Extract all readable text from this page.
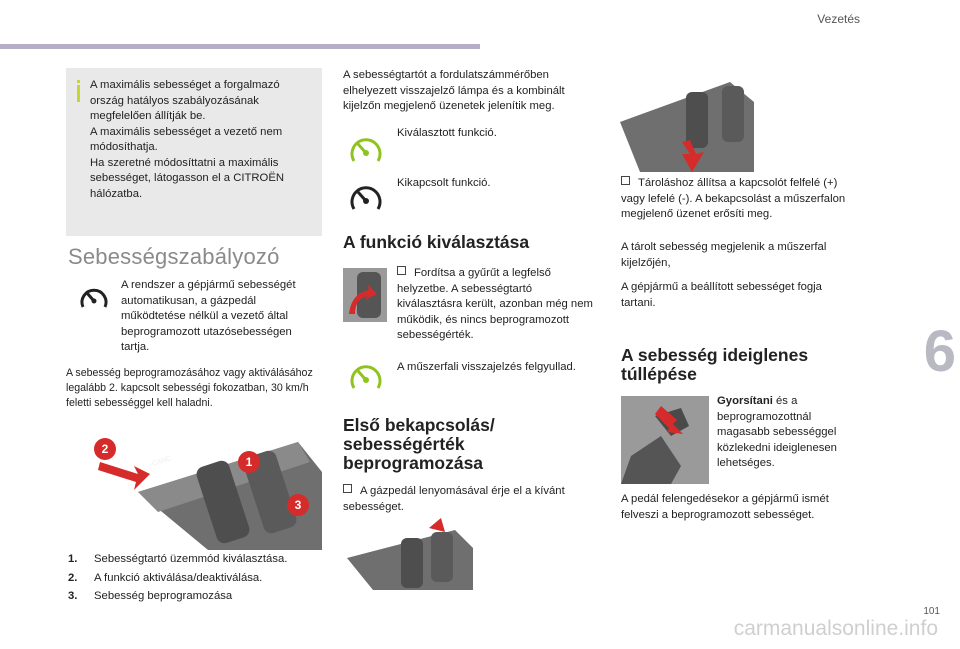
Vezetés
6
A maximális sebességet a forgalmazó ország hatályos szabályozásának megfelelően állítják be.
A maximális sebességet a vezető nem módosíthatja.
Ha szeretné módosíttatni a maximális sebességet, látogasson el a CITROËN hálózatba.
Sebességszabályozó
A rendszer a gépjármű sebességét automatikusan, a gázpedál működtetése nélkül a vezető által beprogramozott utazósebességen tartja.
A sebesség beprogramozásához vagy aktiválásához legalább 2. kapcsolt sebességi fokozatban, 30 km/h feletti sebességgel kell haladni.
CANC
2
1
3
1. Sebességtartó üzemmód kiválasztása.
2. A funkció aktiválása/deaktiválása.
3. Sebesség beprogramozása
A sebességtartót a fordulatszámmérőben elhelyezett visszajelző lámpa és a kombinált kijelzőn megjelenő üzenetek jelenítik meg.
Kiválasztott funkció.
Kikapcsolt funkció.
A funkció kiválasztása
Fordítsa a gyűrűt a legfelső helyzetbe. A sebességtartó kiválasztásra került, azonban még nem működik, és nincs beprogramozott sebességérték.
A műszerfali visszajelzés felgyullad.
Első bekapcsolás/ sebességérték beprogramozása
A gázpedál lenyomásával érje el a kívánt sebességet.
Tároláshoz állítsa a kapcsolót felfelé (+) vagy lefelé (-). A bekapcsolást a műszerfalon megjelenő üzenet erősíti meg.
A tárolt sebesség megjelenik a műszerfal kijelzőjén,
A gépjármű a beállított sebességet fogja tartani.
A sebesség ideiglenes túllépése
Gyorsítani és a beprogramozottnál magasabb sebességgel közlekedni ideiglenesen lehetséges.
A pedál felengedésekor a gépjármű ismét felveszi a beprogramozott sebességet.
101
carmanualsonline.info
